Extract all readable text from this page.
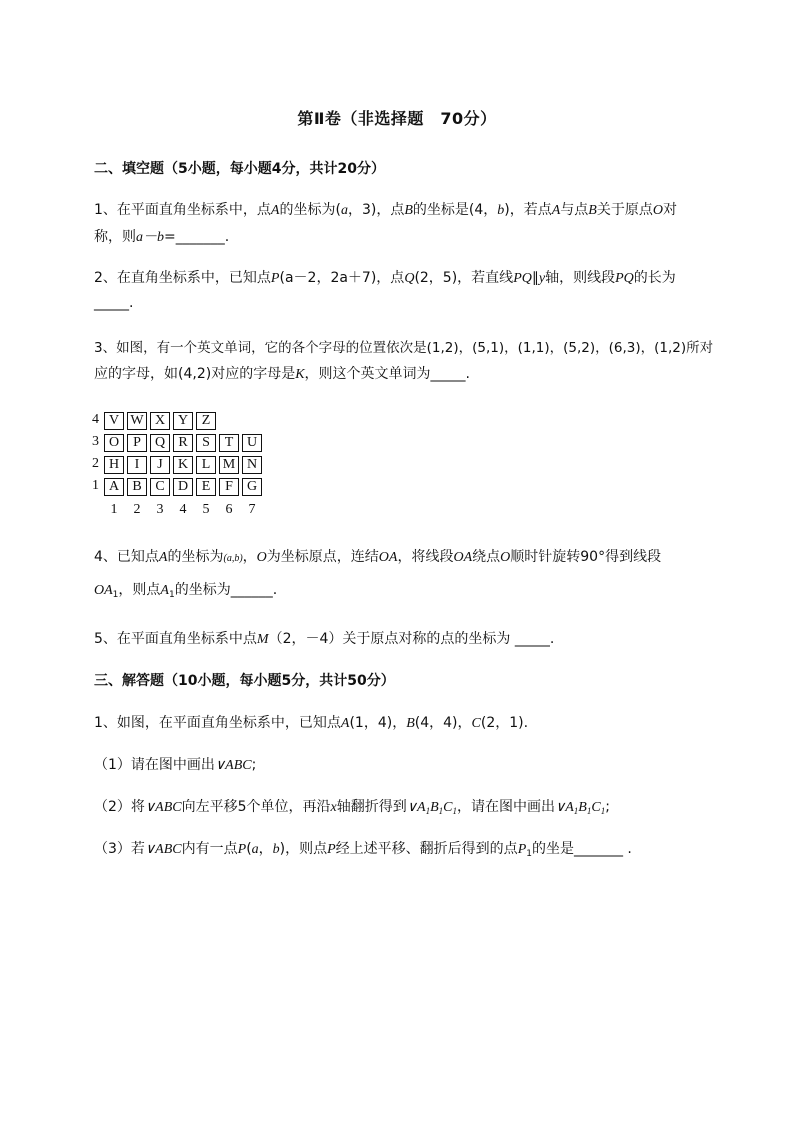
第Ⅱ卷（非选择题　70分）
二、填空题（5小题，每小题4分，共计20分）
1、在平面直角坐标系中，点A的坐标为(a，3)，点B的坐标是(4，b)，若点A与点B关于原点O对
称，则a－b=_______.
2、在直角坐标系中，已知点P(a－2，2a＋7)，点Q(2，5)，若直线PQ∥y轴，则线段PQ的长为
_____.
3、如图，有一个英文单词，它的各个字母的位置依次是(1,2)，(5,1)，(1,1)，(5,2)，(6,3)，(1,2)所对
应的字母，如(4,2)对应的字母是K，则这个英文单词为_____.
4 V W X Y Z
3 O	P	Q R	S	T U
2 H	I	J	K L M N
1 A B C D E	F	G
1	2	3	4	5	6	7
4、已知点A的坐标为(a,b)，O为坐标原点，连结OA，将线段OA绕点O顺时针旋转90°得到线段
$OA_1$，则点$A_1$的坐标为______.
5、在平面直角坐标系中点M（2，－4）关于原点对称的点的坐标为 _____.
三、解答题（10小题，每小题5分，共计50分）
1、如图，在平面直角坐标系中，已知点A(1，4)，B(4，4)，C(2，1).
（1）请在图中画出∨ABC;
（2）将∨ABC向左平移5个单位，再沿x轴翻折得到$\vee A_1B_1C_1$，请在图中画出$\vee A_1B_1C_1$;
（3）若∨ABC内有一点P(a，b)，则点P经上述平移、翻折后得到的点$P_1$的坐是_______ .
